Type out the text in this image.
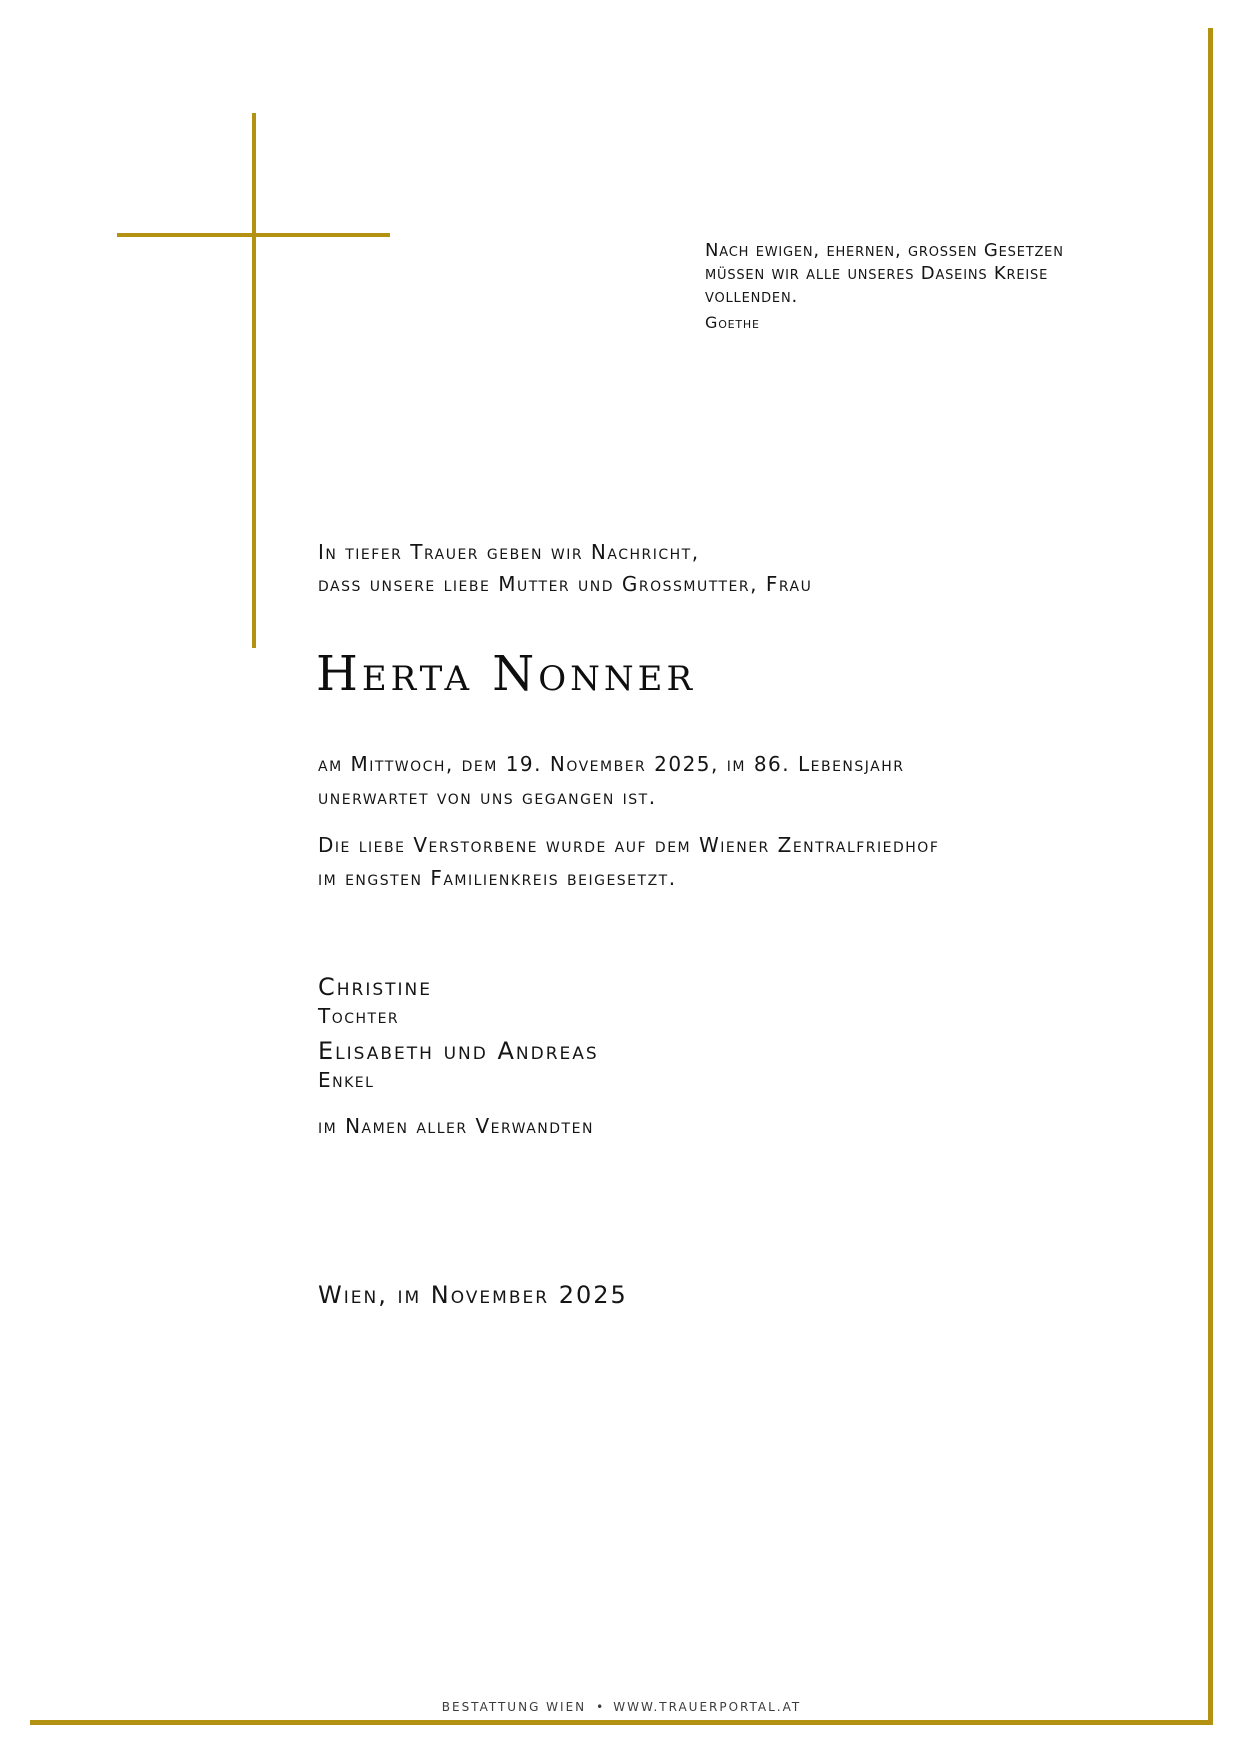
Nach ewigen, ehernen, grossen Gesetzen
müssen wir alle unseres Daseins Kreise
vollenden.
Goethe
In tiefer Trauer geben wir Nachricht,
dass unsere liebe Mutter und Grossmutter, Frau
Herta Nonner
am Mittwoch, dem 19. November 2025, im 86. Lebensjahr
unerwartet von uns gegangen ist.
Die liebe Verstorbene wurde auf dem Wiener Zentralfriedhof
im engsten Familienkreis beigesetzt.
Christine
Tochter
Elisabeth und Andreas
Enkel
im Namen aller Verwandten
Wien, im November 2025
BESTATTUNG WIEN • WWW.TRAUERPORTAL.AT
